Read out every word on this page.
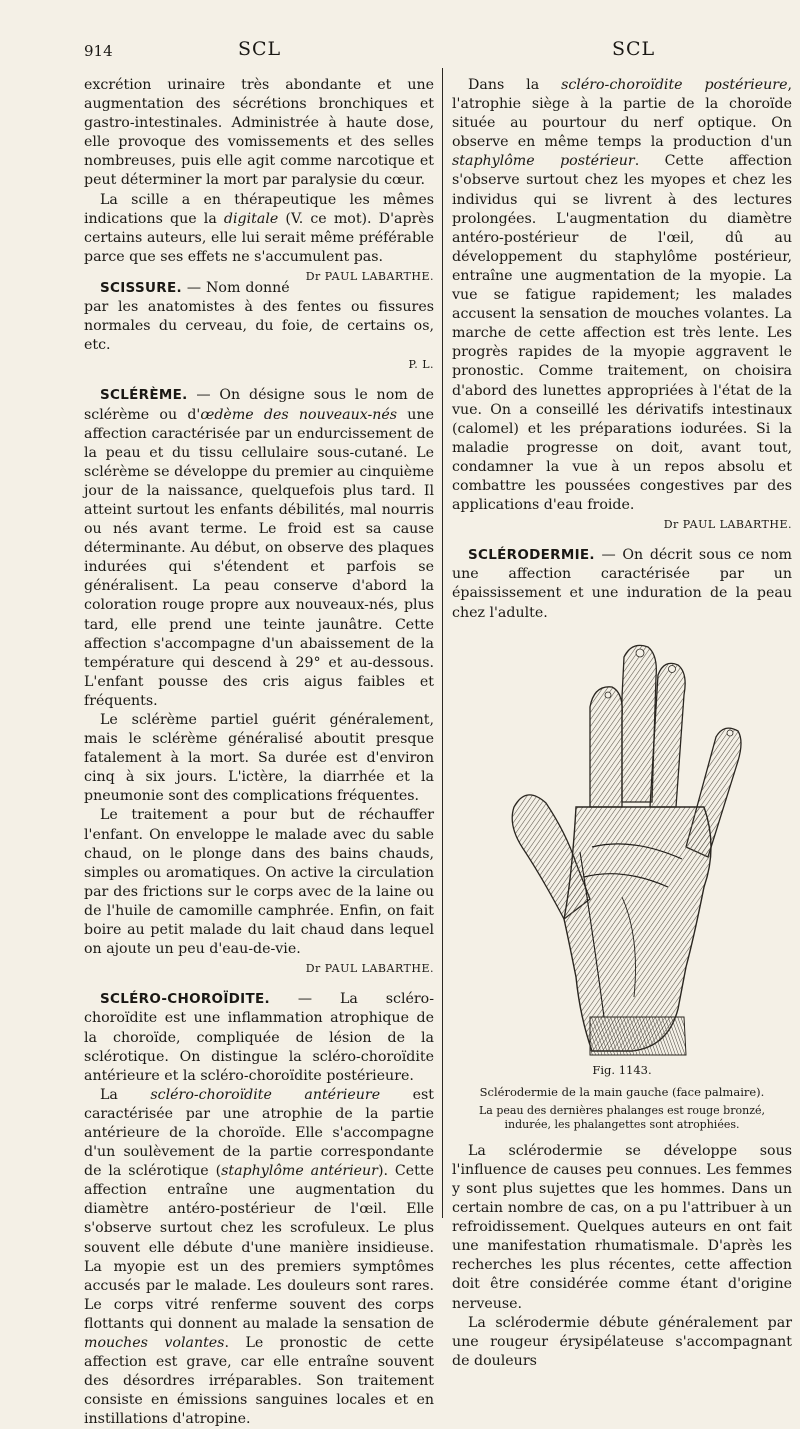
914	SCL	SCL

excrétion urinaire très abondante et une augmentation des sécrétions bronchiques et gastro-intestinales. Administrée à haute dose, elle provoque des vomissements et des selles nombreuses, puis elle agit comme narcotique et peut déterminer la mort par paralysie du cœur.

La scille a en thérapeutique les mêmes indications que la digitale (V. ce mot). D'après certains auteurs, elle lui serait même préférable parce que ses effets ne s'accumulent pas.
Dr PAUL LABARTHE.

SCISSURE. — Nom donné par les anatomistes à des fentes ou fissures normales du cerveau, du foie, de certains os, etc.

P. L.

SCLÉRÈME. — On désigne sous le nom de sclérème ou d'œdème des nouveaux-nés une affection caractérisée par un endurcissement de la peau et du tissu cellulaire sous-cutané. Le sclérème se développe du premier au cinquième jour de la naissance, quelquefois plus tard. Il atteint surtout les enfants débilités, mal nourris ou nés avant terme. Le froid est sa cause déterminante. Au début, on observe des plaques indurées qui s'étendent et parfois se généralisent. La peau conserve d'abord la coloration rouge propre aux nouveaux-nés, plus tard, elle prend une teinte jaunâtre. Cette affection s'accompagne d'un abaissement de la température qui descend à 29° et au-dessous. L'enfant pousse des cris aigus faibles et fréquents.

Le sclérème partiel guérit généralement, mais le sclérème généralisé aboutit presque fatalement à la mort. Sa durée est d'environ cinq à six jours. L'ictère, la diarrhée et la pneumonie sont des complications fréquentes.

Le traitement a pour but de réchauffer l'enfant. On enveloppe le malade avec du sable chaud, on le plonge dans des bains chauds, simples ou aromatiques. On active la circulation par des frictions sur le corps avec de la laine ou de l'huile de camomille camphrée. Enfin, on fait boire au petit malade du lait chaud dans lequel on ajoute un peu d'eau-de-vie.

Dr PAUL LABARTHE.

SCLÉRO-CHOROÏDITE. — La scléro-choroïdite est une inflammation atrophique de la choroïde, compliquée de lésion de la sclérotique. On distingue la scléro-choroïdite antérieure et la scléro-choroïdite postérieure.

La scléro-choroïdite antérieure est caractérisée par une atrophie de la partie antérieure de la choroïde. Elle s'accompagne d'un soulèvement de la partie correspondante de la sclérotique (staphylôme antérieur). Cette affection entraîne une augmentation du diamètre antéro-postérieur de l'œil. Elle s'observe surtout chez les scrofuleux. Le plus souvent elle débute d'une manière insidieuse. La myopie est un des premiers symptômes accusés par le malade. Les douleurs sont rares. Le corps vitré renferme souvent des corps flottants qui donnent au malade la sensation de mouches volantes. Le pronostic de cette affection est grave, car elle entraîne souvent des désordres irréparables. Son traitement consiste en émissions sanguines locales et en instillations d'atropine.

Dans la scléro-choroïdite postérieure, l'atrophie siège à la partie de la choroïde située au pourtour du nerf optique. On observe en même temps la production d'un staphylôme postérieur. Cette affection s'observe surtout chez les myopes et chez les individus qui se livrent à des lectures prolongées. L'augmentation du diamètre antéro-postérieur de l'œil, dû au développement du staphylôme postérieur, entraîne une augmentation de la myopie. La vue se fatigue rapidement; les malades accusent la sensation de mouches volantes. La marche de cette affection est très lente. Les progrès rapides de la myopie aggravent le pronostic. Comme traitement, on choisira d'abord des lunettes appropriées à l'état de la vue. On a conseillé les dérivatifs intestinaux (calomel) et les préparations iodurées. Si la maladie progresse on doit, avant tout, condamner la vue à un repos absolu et combattre les poussées congestives par des applications d'eau froide.

Dr PAUL LABARTHE.

SCLÉRODERMIE. — On décrit sous ce nom une affection caractérisée par un épaississement et une induration de la peau chez l'adulte.

Fig. 1143.
Sclérodermie de la main gauche (face palmaire).
La peau des dernières phalanges est rouge bronzé, indurée, les phalangettes sont atrophiées.

La sclérodermie se développe sous l'influence de causes peu connues. Les femmes y sont plus sujettes que les hommes. Dans un certain nombre de cas, on a pu l'attribuer à un refroidissement. Quelques auteurs en ont fait une manifestation rhumatismale. D'après les recherches les plus récentes, cette affection doit être considérée comme étant d'origine nerveuse.

La sclérodermie débute généralement par une rougeur érysipélateuse s'accompagnant de douleurs
